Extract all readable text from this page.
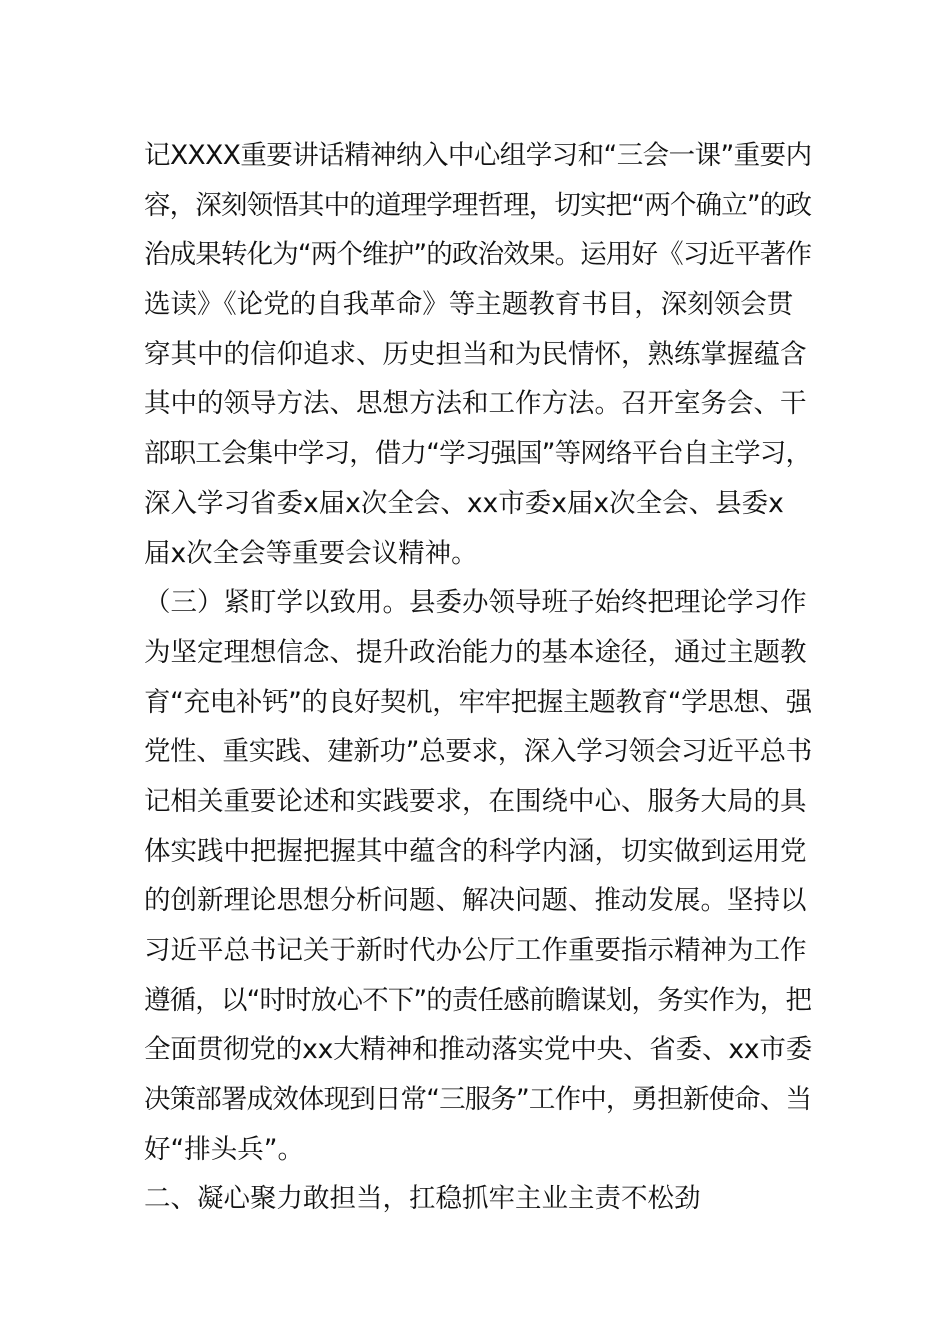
记XXXX重要讲话精神纳入中心组学习和“三会一课”重要内
容，深刻领悟其中的道理学理哲理，切实把“两个确立”的政
治成果转化为“两个维护”的政治效果。运用好《习近平著作
选读》《论党的自我革命》等主题教育书目，深刻领会贯
穿其中的信仰追求、历史担当和为民情怀，熟练掌握蕴含
其中的领导方法、思想方法和工作方法。召开室务会、干
部职工会集中学习，借力“学习强国”等网络平台自主学习，
深入学习省委x届x次全会、xx市委x届x次全会、县委x
届x次全会等重要会议精神。
（三）紧盯学以致用。县委办领导班子始终把理论学习作
为坚定理想信念、提升政治能力的基本途径，通过主题教
育“充电补钙”的良好契机，牢牢把握主题教育“学思想、强
党性、重实践、建新功”总要求，深入学习领会习近平总书
记相关重要论述和实践要求，在围绕中心、服务大局的具
体实践中把握把握其中蕴含的科学内涵，切实做到运用党
的创新理论思想分析问题、解决问题、推动发展。坚持以
习近平总书记关于新时代办公厅工作重要指示精神为工作
遵循，以“时时放心不下”的责任感前瞻谋划，务实作为，把
全面贯彻党的xx大精神和推动落实党中央、省委、xx市委
决策部署成效体现到日常“三服务”工作中，勇担新使命、当
好“排头兵”。
二、凝心聚力敢担当，扛稳抓牢主业主责不松劲
